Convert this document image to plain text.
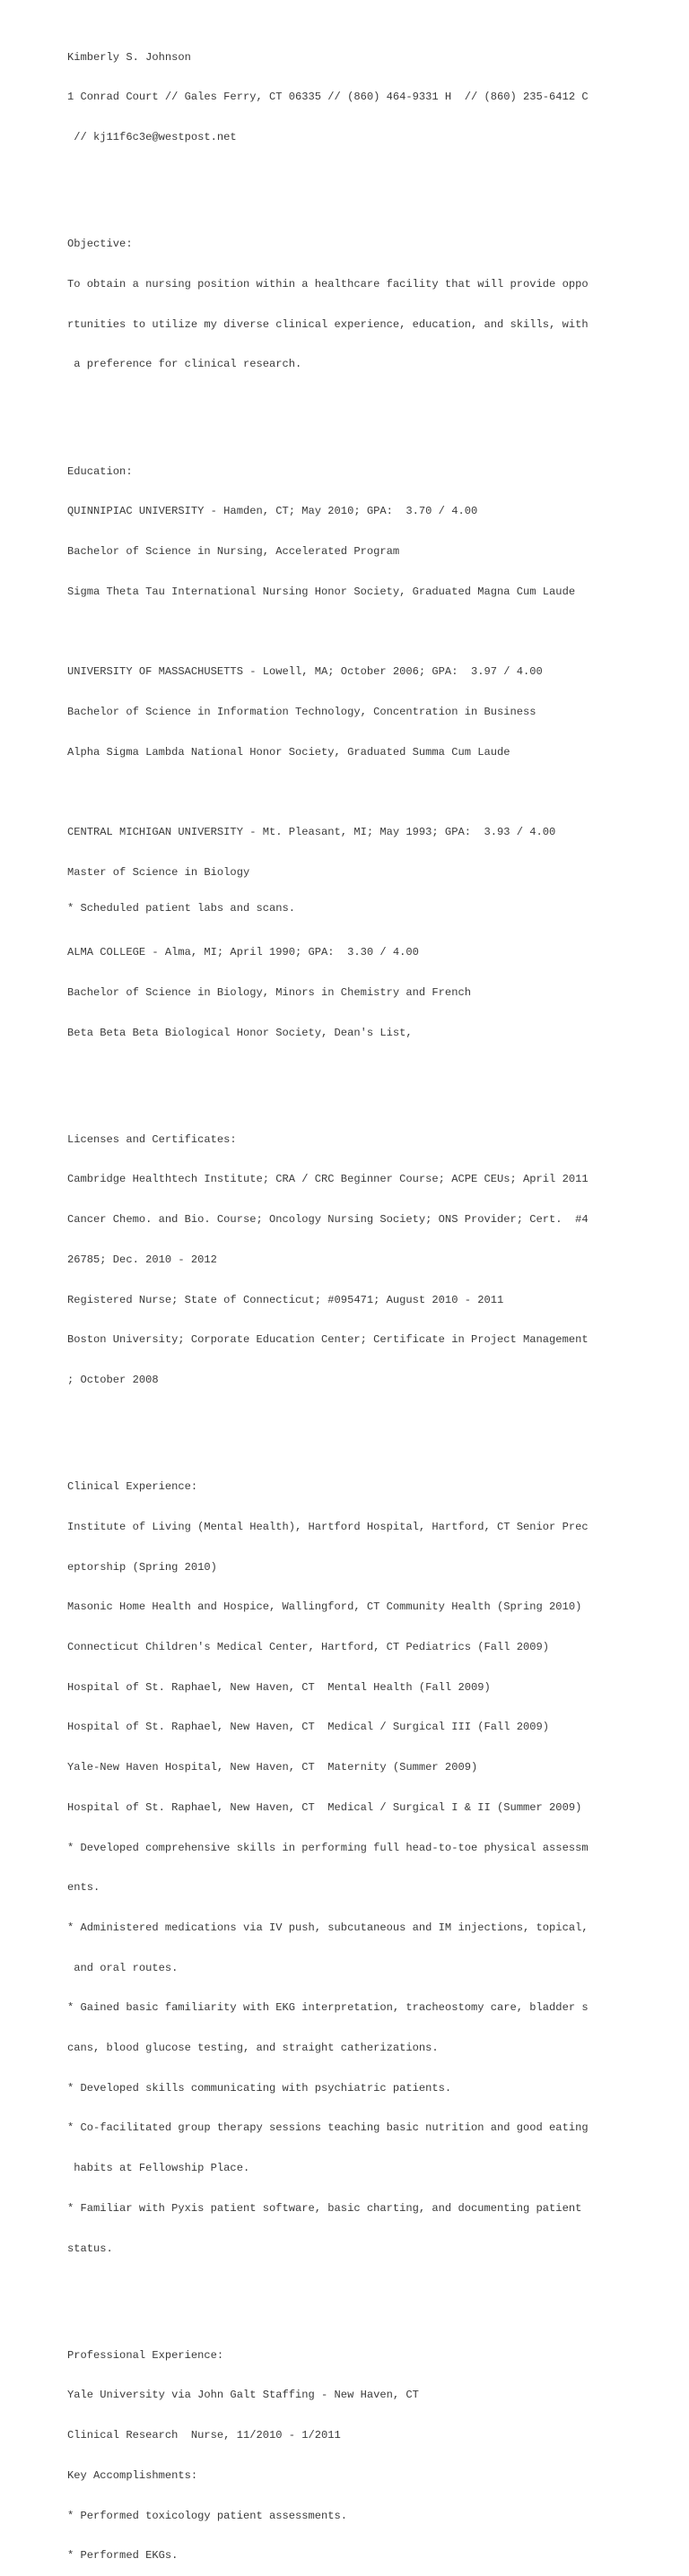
Kimberly S. Johnson

1 Conrad Court // Gales Ferry, CT 06335 // (860) 464-9331 H  // (860) 235-6412 C

// kj11f6c3e@westpost.net

Objective:

To obtain a nursing position within a healthcare facility that will provide oppo

rtunities to utilize my diverse clinical experience, education, and skills, with

a preference for clinical research.

Education:

QUINNIPIAC UNIVERSITY - Hamden, CT; May 2010; GPA:  3.70 / 4.00

Bachelor of Science in Nursing, Accelerated Program

Sigma Theta Tau International Nursing Honor Society, Graduated Magna Cum Laude

UNIVERSITY OF MASSACHUSETTS - Lowell, MA; October 2006; GPA:  3.97 / 4.00

Bachelor of Science in Information Technology, Concentration in Business

Alpha Sigma Lambda National Honor Society, Graduated Summa Cum Laude

CENTRAL MICHIGAN UNIVERSITY - Mt. Pleasant, MI; May 1993; GPA:  3.93 / 4.00

Master of Science in Biology

ALMA COLLEGE - Alma, MI; April 1990; GPA:  3.30 / 4.00

Bachelor of Science in Biology, Minors in Chemistry and French

Beta Beta Beta Biological Honor Society, Dean's List,

Licenses and Certificates:

Cambridge Healthtech Institute; CRA / CRC Beginner Course; ACPE CEUs; April 2011

Cancer Chemo. and Bio. Course; Oncology Nursing Society; ONS Provider; Cert.  #4

26785; Dec. 2010 - 2012

Registered Nurse; State of Connecticut; #095471; August 2010 - 2011

Boston University; Corporate Education Center; Certificate in Project Management

; October 2008

Clinical Experience:

Institute of Living (Mental Health), Hartford Hospital, Hartford, CT Senior Prec

eptorship (Spring 2010)

Masonic Home Health and Hospice, Wallingford, CT Community Health (Spring 2010)

Connecticut Children's Medical Center, Hartford, CT Pediatrics (Fall 2009)

Hospital of St. Raphael, New Haven, CT  Mental Health (Fall 2009)

Hospital of St. Raphael, New Haven, CT  Medical / Surgical III (Fall 2009)

Yale-New Haven Hospital, New Haven, CT  Maternity (Summer 2009)

Hospital of St. Raphael, New Haven, CT  Medical / Surgical I & II (Summer 2009)

* Developed comprehensive skills in performing full head-to-toe physical assessm

ents.

* Administered medications via IV push, subcutaneous and IM injections, topical,

and oral routes.

* Gained basic familiarity with EKG interpretation, tracheostomy care, bladder s

cans, blood glucose testing, and straight catherizations.

* Developed skills communicating with psychiatric patients.

* Co-facilitated group therapy sessions teaching basic nutrition and good eating

habits at Fellowship Place.

* Familiar with Pyxis patient software, basic charting, and documenting patient

status.

Professional Experience:

Yale University via John Galt Staffing - New Haven, CT

Clinical Research  Nurse, 11/2010 - 1/2011

Key Accomplishments:

* Performed toxicology patient assessments.

* Performed EKGs.

* Scheduled patient labs and scans.
